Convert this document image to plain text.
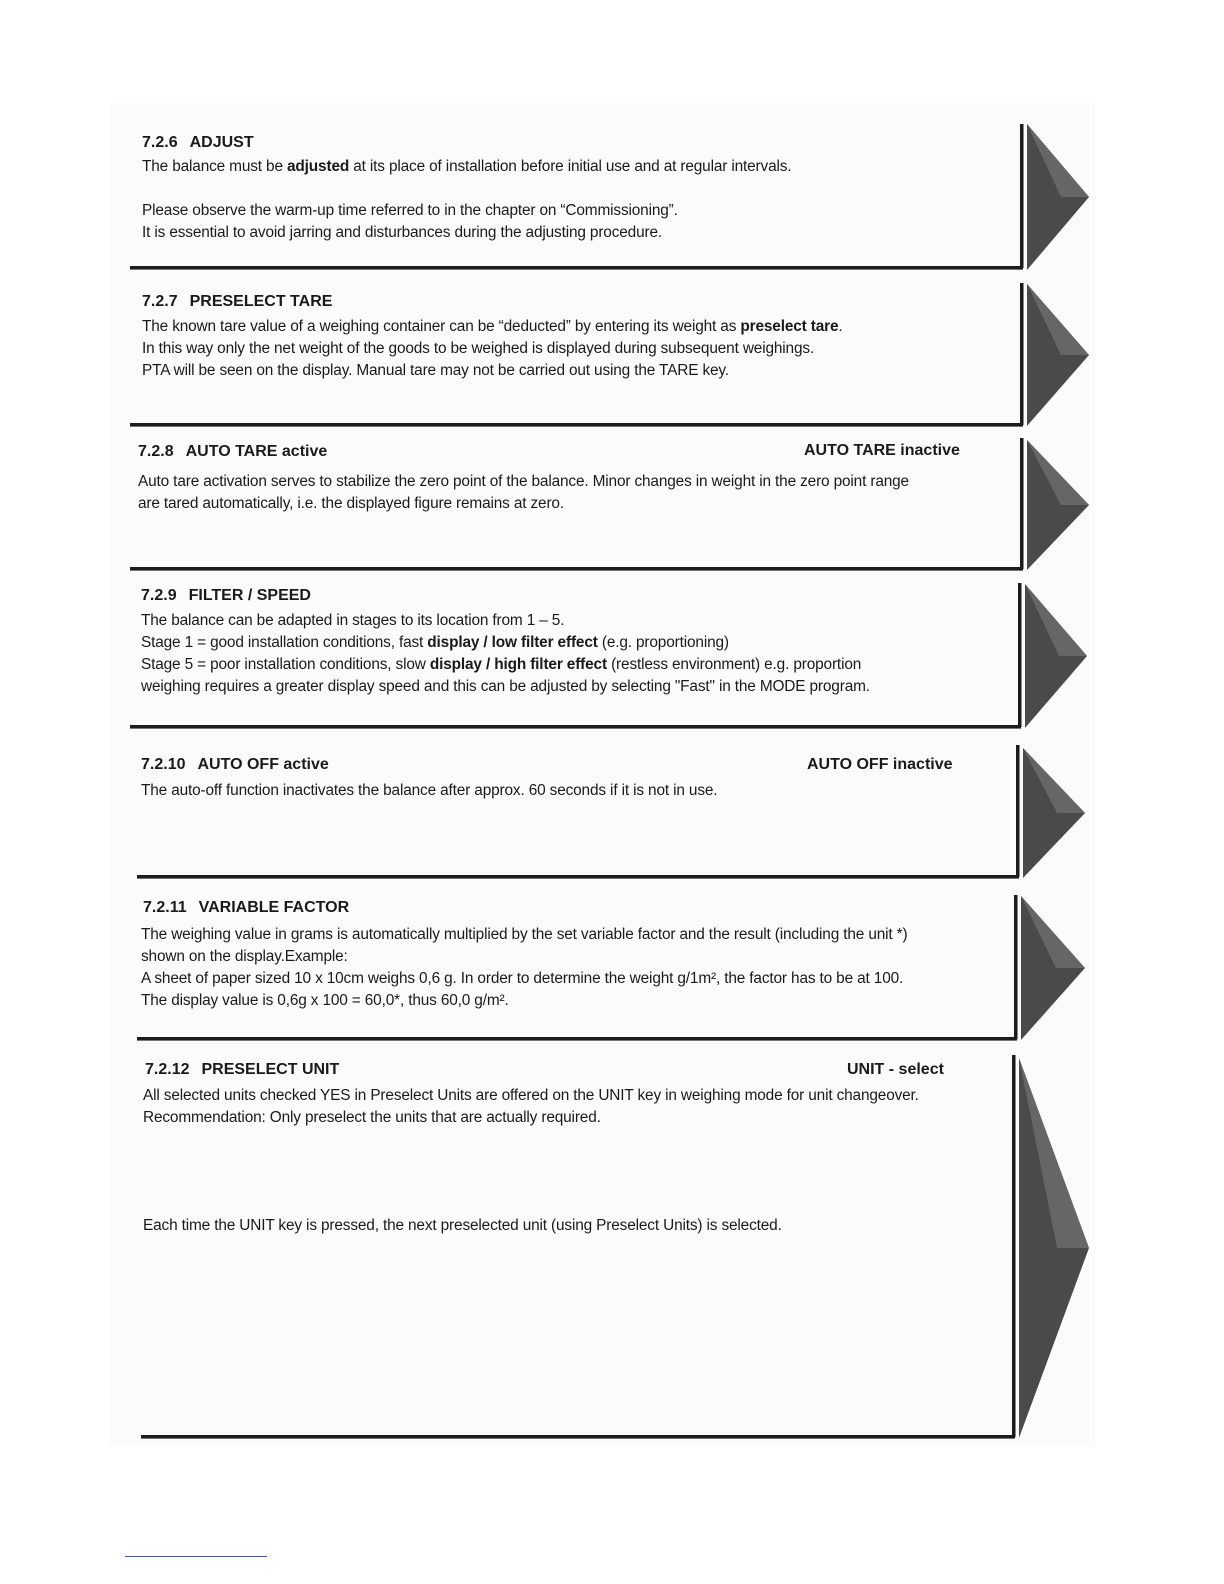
7.2.6 ADJUST
The balance must be adjusted at its place of installation before initial use and at regular intervals.
Please observe the warm-up time referred to in the chapter on “Commissioning”.
It is essential to avoid jarring and disturbances during the adjusting procedure.
7.2.7 PRESELECT TARE
The known tare value of a weighing container can be “deducted” by entering its weight as preselect tare.
In this way only the net weight of the goods to be weighed is displayed during subsequent weighings.
PTA will be seen on the display. Manual tare may not be carried out using the TARE key.
7.2.8 AUTO TARE active	AUTO TARE inactive
Auto tare activation serves to stabilize the zero point of the balance. Minor changes in weight in the zero point range
are tared automatically, i.e. the displayed figure remains at zero.
7.2.9 FILTER / SPEED
The balance can be adapted in stages to its location from 1 – 5.
Stage 1 = good installation conditions, fast display / low filter effect (e.g. proportioning)
Stage 5 = poor installation conditions, slow display / high filter effect (restless environment) e.g. proportion
weighing requires a greater display speed and this can be adjusted by selecting "Fast" in the MODE program.
7.2.10 AUTO OFF active	AUTO OFF inactive
The auto-off function inactivates the balance after approx. 60 seconds if it is not in use.
7.2.11 VARIABLE FACTOR
The weighing value in grams is automatically multiplied by the set variable factor and the result (including the unit *)
shown on the display.Example:
A sheet of paper sized 10 x 10cm weighs 0,6 g. In order to determine the weight g/1m², the factor has to be at 100.
The display value is 0,6g x 100 = 60,0*, thus 60,0 g/m².
7.2.12 PRESELECT UNIT	UNIT - select
All selected units checked YES in Preselect Units are offered on the UNIT key in weighing mode for unit changeover.
Recommendation: Only preselect the units that are actually required.
Each time the UNIT key is pressed, the next preselected unit (using Preselect Units) is selected.
